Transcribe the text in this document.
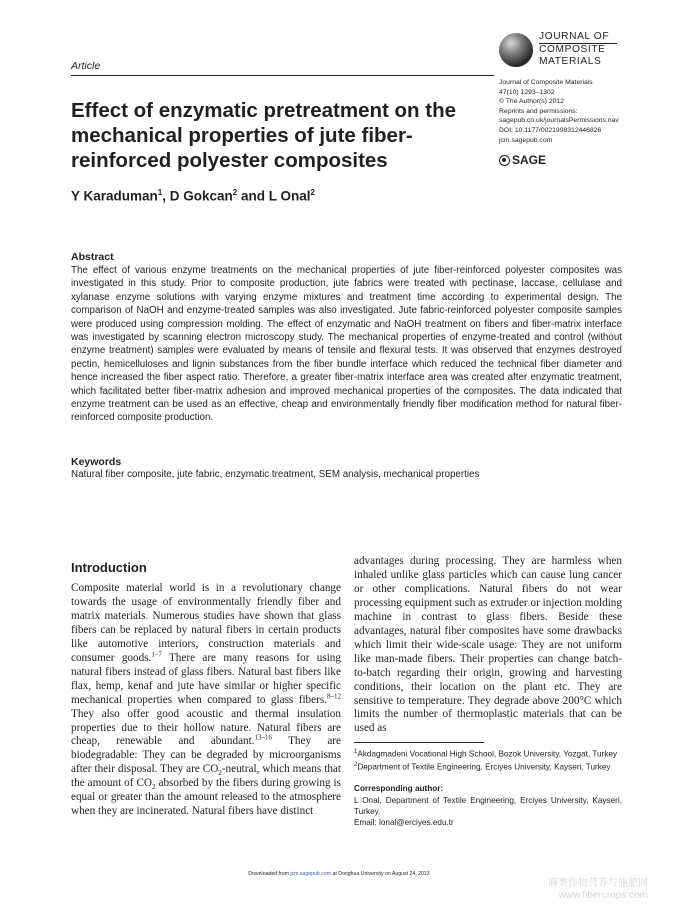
Article
JOURNAL OF
COMPOSITE
MATERIALS
Journal of Composite Materials
47(10) 1293–1302
© The Author(s) 2012
Reprints and permissions:
sagepub.co.uk/journalsPermissions.nav
DOI: 10.1177/0021998312446826
jcm.sagepub.com
SAGE
Effect of enzymatic pretreatment on the mechanical properties of jute fiber-reinforced polyester composites
Y Karaduman$^1$, D Gokcan$^2$ and L Onal$^2$
Abstract
The effect of various enzyme treatments on the mechanical properties of jute fiber-reinforced polyester composites was investigated in this study. Prior to composite production, jute fabrics were treated with pectinase, laccase, cellulase and xylanase enzyme solutions with varying enzyme mixtures and treatment time according to experimental design. The comparison of NaOH and enzyme-treated samples was also investigated. Jute fabric-reinforced polyester composite samples were produced using compression molding. The effect of enzymatic and NaOH treatment on fibers and fiber-matrix interface was investigated by scanning electron microscopy study. The mechanical properties of enzyme-treated and control (without enzyme treatment) samples were evaluated by means of tensile and flexural tests. It was observed that enzymes destroyed pectin, hemicelluloses and lignin substances from the fiber bundle interface which reduced the technical fiber diameter and hence increased the fiber aspect ratio. Therefore, a greater fiber-matrix interface area was created after enzymatic treatment, which facilitated better fiber-matrix adhesion and improved mechanical properties of the composites. The data indicated that enzyme treatment can be used as an effective, cheap and environmentally friendly fiber modification method for natural fiber-reinforced composite production.
Keywords
Natural fiber composite, jute fabric, enzymatic treatment, SEM analysis, mechanical properties
Introduction
Composite material world is in a revolutionary change towards the usage of environmentally friendly fiber and matrix materials. Numerous studies have shown that glass fibers can be replaced by natural fibers in certain products like automotive interiors, construction materials and consumer goods.$^{1-7}$ There are many reasons for using natural fibers instead of glass fibers. Natural bast fibers like flax, hemp, kenaf and jute have similar or higher specific mechanical properties when compared to glass fibers.$^{8-12}$ They also offer good acoustic and thermal insulation properties due to their hollow nature. Natural fibers are cheap, renewable and abundant.$^{13-16}$ They are biodegradable: They can be degraded by microorganisms after their disposal. They are $CO_2$-neutral, which means that the amount of $CO_2$ absorbed by the fibers during growing is equal or greater than the amount released to the atmosphere when they are incinerated. Natural fibers have distinct
advantages during processing. They are harmless when inhaled unlike glass particles which can cause lung cancer or other complications. Natural fibers do not wear processing equipment such as extruder or injection molding machine in contrast to glass fibers. Beside these advantages, natural fiber composites have some drawbacks which limit their wide-scale usage: They are not uniform like man-made fibers. Their properties can change batch-to-batch regarding their origin, growing and harvesting conditions, their location on the plant etc. They are sensitive to temperature. They degrade above 200°C which limits the number of thermoplastic materials that can be used as
$^1$Akdagmadeni Vocational High School, Bozok University, Yozgat, Turkey
$^2$Department of Textile Engineering, Erciyes University, Kayseri, Turkey
Corresponding author:
L Onal, Department of Textile Engineering, Erciyes University, Kayseri, Turkey.
Email: lonal@erciyes.edu.tr
Downloaded from jcm.sagepub.com at Donghua University on August 24, 2013
麻类作物营养与施肥网
www.fibercrops.com
